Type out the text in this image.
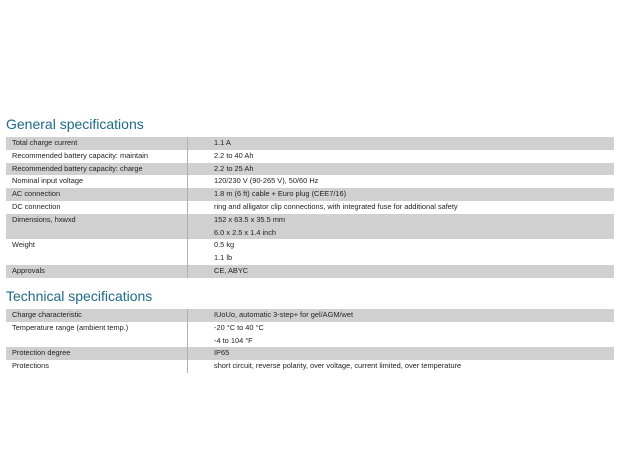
General specifications
Total charge current	1.1 A

Recommended battery capacity: maintain	2.2 to 40 Ah

Recommended battery capacity: charge	2.2 to 25 Ah

Nominal input voltage	120/230 V (90-265 V), 50/60 Hz

AC connection	1.8 m (6 ft) cable + Euro plug (CEE7/16)

DC connection	ring and alligator clip connections, with integrated fuse for additional safety

Dimensions, hxwxd	152 x 63.5 x 35.5 mm
6.0 x 2.5 x 1.4 inch

Weight	0.5 kg
1.1 lb

Approvals	CE, ABYC
Technical specifications
Charge characteristic	IUoUo, automatic 3-step+ for gel/AGM/wet

Temperature range (ambient temp.)	-20 °C to 40 °C
-4 to 104 °F

Protection degree	IP65

Protections	short circuit, reverse polarity, over voltage, current limited, over temperature
